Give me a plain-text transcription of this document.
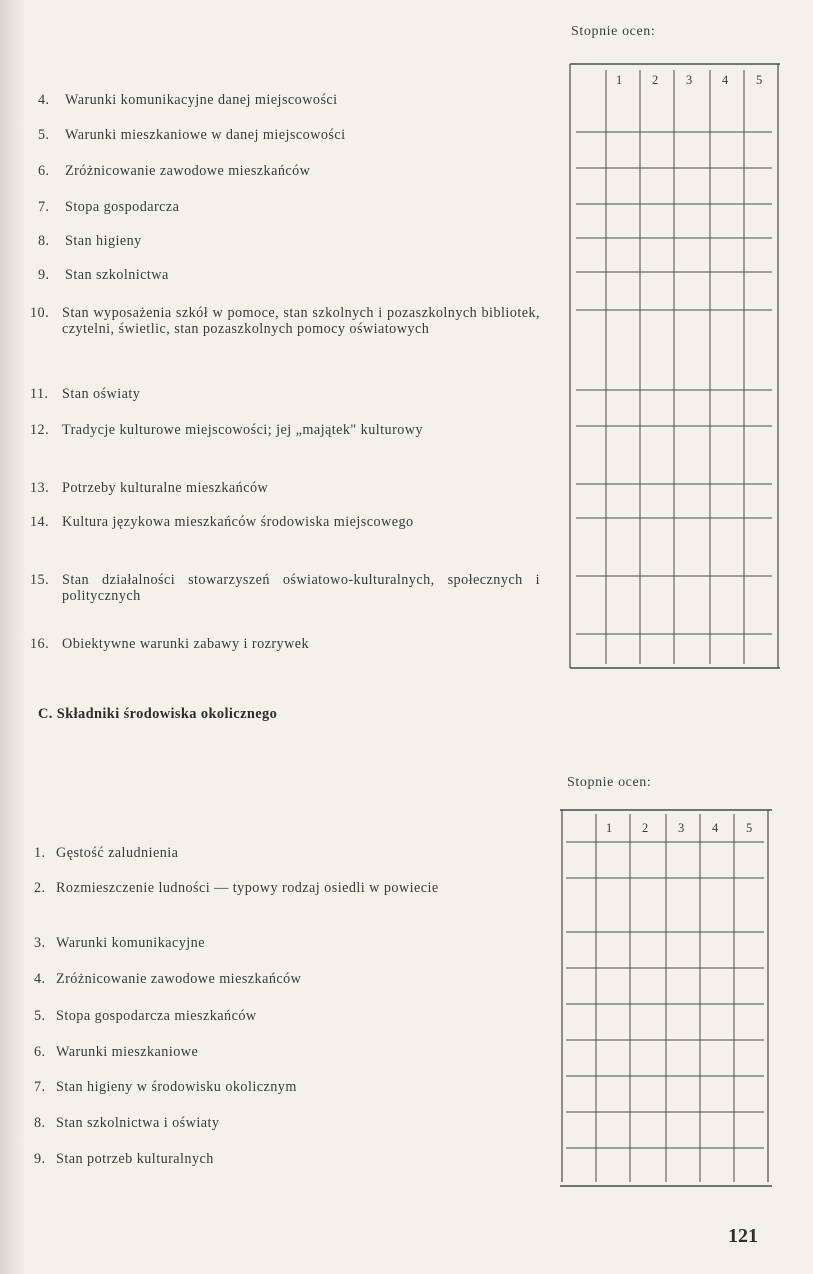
Stopnie ocen:
4. Warunki komunikacyjne danej miejscowości
5. Warunki mieszkaniowe w danej miejscowości
6. Zróżnicowanie zawodowe mieszkańców
7. Stopa gospodarcza
8. Stan higieny
9. Stan szkolnictwa
10. Stan wyposażenia szkół w pomoce, stan szkolnych i pozaszkolnych bibliotek, czytelni, świetlic, stan pozaszkolnych pomocy oświatowych
11. Stan oświaty
12. Tradycje kulturowe miejscowości; jej „majątek" kulturowy
13. Potrzeby kulturalne mieszkańców
14. Kultura językowa mieszkańców środowiska miejscowego
15. Stan działalności stowarzyszeń oświatowo-kulturalnych, społecznych i politycznych
16. Obiektywne warunki zabawy i rozrywek
1 2 3 4 5
C. Składniki środowiska okolicznego
Stopnie ocen:
1. Gęstość zaludnienia
2. Rozmieszczenie ludności — typowy rodzaj osiedli w powiecie
3. Warunki komunikacyjne
4. Zróżnicowanie zawodowe mieszkańców
5. Stopa gospodarcza mieszkańców
6. Warunki mieszkaniowe
7. Stan higieny w środowisku okolicznym
8. Stan szkolnictwa i oświaty
9. Stan potrzeb kulturalnych
1 2 3 4 5
121
